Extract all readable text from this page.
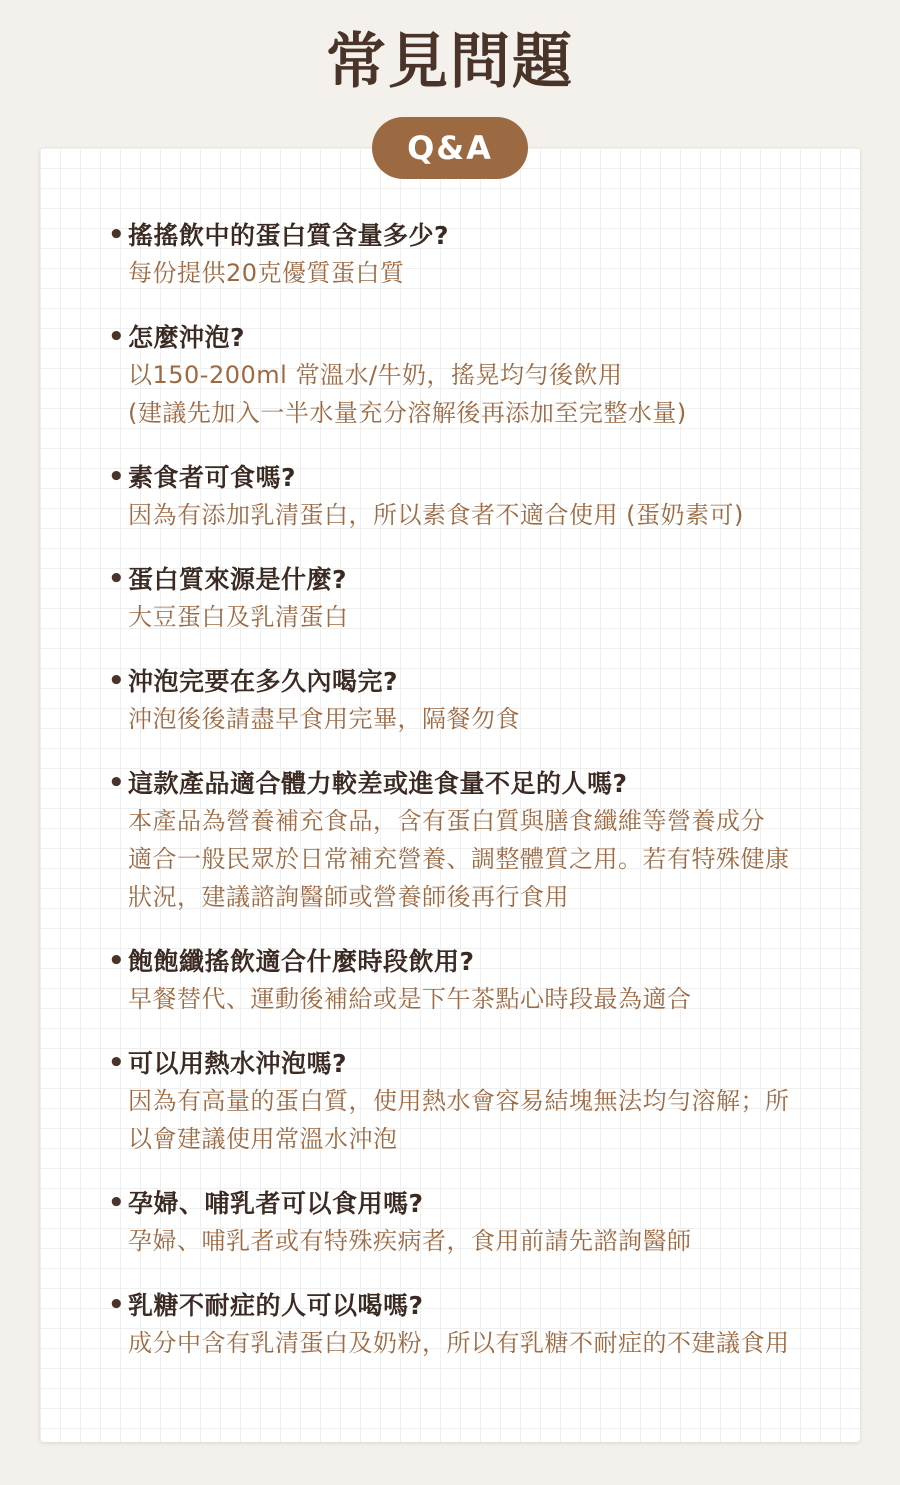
常見問題
Q&A
• 搖搖飲中的蛋白質含量多少?
每份提供20克優質蛋白質
• 怎麼沖泡?
以150-200ml 常溫水/牛奶，搖晃均勻後飲用
(建議先加入一半水量充分溶解後再添加至完整水量)
• 素食者可食嗎?
因為有添加乳清蛋白，所以素食者不適合使用 (蛋奶素可)
• 蛋白質來源是什麼?
大豆蛋白及乳清蛋白
• 沖泡完要在多久內喝完?
沖泡後後請盡早食用完畢，隔餐勿食
• 這款產品適合體力較差或進食量不足的人嗎?
本產品為營養補充食品，含有蛋白質與膳食纖維等營養成分
適合一般民眾於日常補充營養、調整體質之用。若有特殊健康
狀況，建議諮詢醫師或營養師後再行食用
• 飽飽纖搖飲適合什麼時段飲用?
早餐替代、運動後補給或是下午茶點心時段最為適合
• 可以用熱水沖泡嗎?
因為有高量的蛋白質，使用熱水會容易結塊無法均勻溶解；所
以會建議使用常溫水沖泡
• 孕婦、哺乳者可以食用嗎?
孕婦、哺乳者或有特殊疾病者，食用前請先諮詢醫師
• 乳糖不耐症的人可以喝嗎?
成分中含有乳清蛋白及奶粉，所以有乳糖不耐症的不建議食用
